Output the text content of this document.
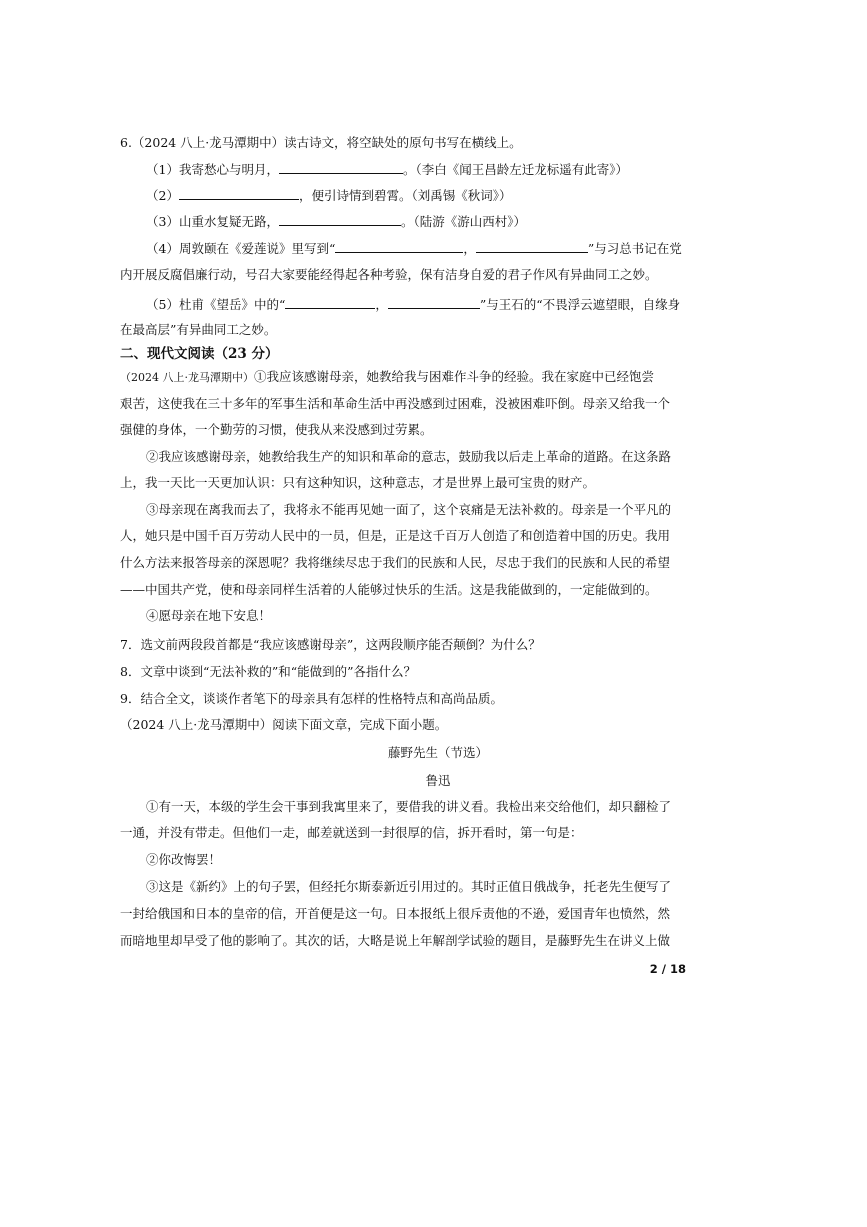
6.（2024 八上·龙马潭期中）读古诗文，将空缺处的原句书写在横线上。
（1）我寄愁心与明月，	。（李白《闻王昌龄左迁龙标遥有此寄》）
（2）	，便引诗情到碧霄。（刘禹锡《秋词》）
（3）山重水复疑无路，	。（陆游《游山西村》）
（4）周敦颐在《爱莲说》里写到“	，	”与习总书记在党
内开展反腐倡廉行动，号召大家要能经得起各种考验，保有洁身自爱的君子作风有异曲同工之妙。
（5）杜甫《望岳》中的“	，	”与王石的“不畏浮云遮望眼，自缘身
在最高层”有异曲同工之妙。
二、现代文阅读（23 分）
（2024 八上·龙马潭期中）①我应该感谢母亲，她教给我与困难作斗争的经验。我在家庭中已经饱尝
艰苦，这使我在三十多年的军事生活和革命生活中再没感到过困难，没被困难吓倒。母亲又给我一个
强健的身体，一个勤劳的习惯，使我从来没感到过劳累。
②我应该感谢母亲，她教给我生产的知识和革命的意志，鼓励我以后走上革命的道路。在这条路
上，我一天比一天更加认识：只有这种知识，这种意志，才是世界上最可宝贵的财产。
③母亲现在离我而去了，我将永不能再见她一面了，这个哀痛是无法补救的。母亲是一个平凡的
人，她只是中国千百万劳动人民中的一员，但是，正是这千百万人创造了和创造着中国的历史。我用
什么方法来报答母亲的深恩呢？我将继续尽忠于我们的民族和人民，尽忠于我们的民族和人民的希望
——中国共产党，使和母亲同样生活着的人能够过快乐的生活。这是我能做到的，一定能做到的。
④愿母亲在地下安息！
7．选文前两段段首都是“我应该感谢母亲”，这两段顺序能否颠倒？为什么？
8．文章中谈到“无法补救的”和“能做到的”各指什么？
9．结合全文，谈谈作者笔下的母亲具有怎样的性格特点和高尚品质。
（2024 八上·龙马潭期中）阅读下面文章，完成下面小题。
藤野先生（节选）
鲁迅
①有一天，本级的学生会干事到我寓里来了，要借我的讲义看。我检出来交给他们，却只翻检了
一通，并没有带走。但他们一走，邮差就送到一封很厚的信，拆开看时，第一句是：
②你改悔罢！
③这是《新约》上的句子罢，但经托尔斯泰新近引用过的。其时正值日俄战争，托老先生便写了
一封给俄国和日本的皇帝的信，开首便是这一句。日本报纸上很斥责他的不逊，爱国青年也愤然，然
而暗地里却早受了他的影响了。其次的话，大略是说上年解剖学试验的题目，是藤野先生在讲义上做
2 / 18
